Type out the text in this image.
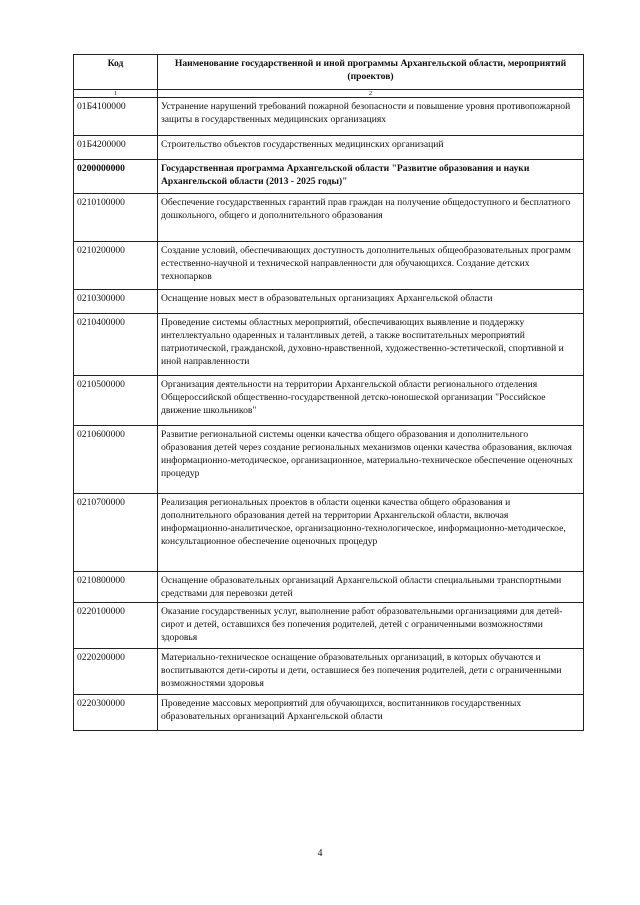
Код	Наименование государственной и иной программы Архангельской области, мероприятий (проектов)
1	2
01Б4100000	Устранение нарушений требований пожарной безопасности и повышение уровня противопожарной защиты в государственных медицинских организациях
01Б4200000	Строительство объектов государственных медицинских организаций
0200000000	Государственная программа Архангельской области "Развитие образования и науки Архангельской области (2013 - 2025 годы)"
0210100000	Обеспечение государственных гарантий прав граждан на получение общедоступного и бесплатного дошкольного, общего и дополнительного образования
0210200000	Создание условий, обеспечивающих доступность дополнительных общеобразовательных программ естественно-научной и технической направленности для обучающихся. Создание детских технопарков
0210300000	Оснащение новых мест в образовательных организациях Архангельской области
0210400000	Проведение системы областных мероприятий, обеспечивающих выявление и поддержку интеллектуально одаренных и талантливых детей, а также воспитательных мероприятий патриотической, гражданской, духовно-нравственной, художественно-эстетической, спортивной и иной направленности
0210500000	Организация деятельности на территории Архангельской области регионального отделения Общероссийской общественно-государственной детско-юношеской организации "Российское движение школьников"
0210600000	Развитие региональной системы оценки качества общего образования и дополнительного образования детей через создание региональных механизмов оценки качества образования, включая информационно-методическое, организационное, материально-техническое обеспечение оценочных процедур
0210700000	Реализация региональных проектов в области оценки качества общего образования и дополнительного образования детей на территории Архангельской области, включая информационно-аналитическое, организационно-технологическое, информационно-методическое, консультационное обеспечение оценочных процедур
0210800000	Оснащение образовательных организаций Архангельской области специальными транспортными средствами для перевозки детей
0220100000	Оказание государственных услуг, выполнение работ образовательными организациями для детей-сирот и детей, оставшихся без попечения родителей, детей с ограниченными возможностями здоровья
0220200000	Материально-техническое оснащение образовательных организаций, в которых обучаются и воспитываются дети-сироты и дети, оставшиеся без попечения родителей, дети с ограниченными возможностями здоровья
0220300000	Проведение массовых мероприятий для обучающихся, воспитанников государственных образовательных организаций Архангельской области
4
